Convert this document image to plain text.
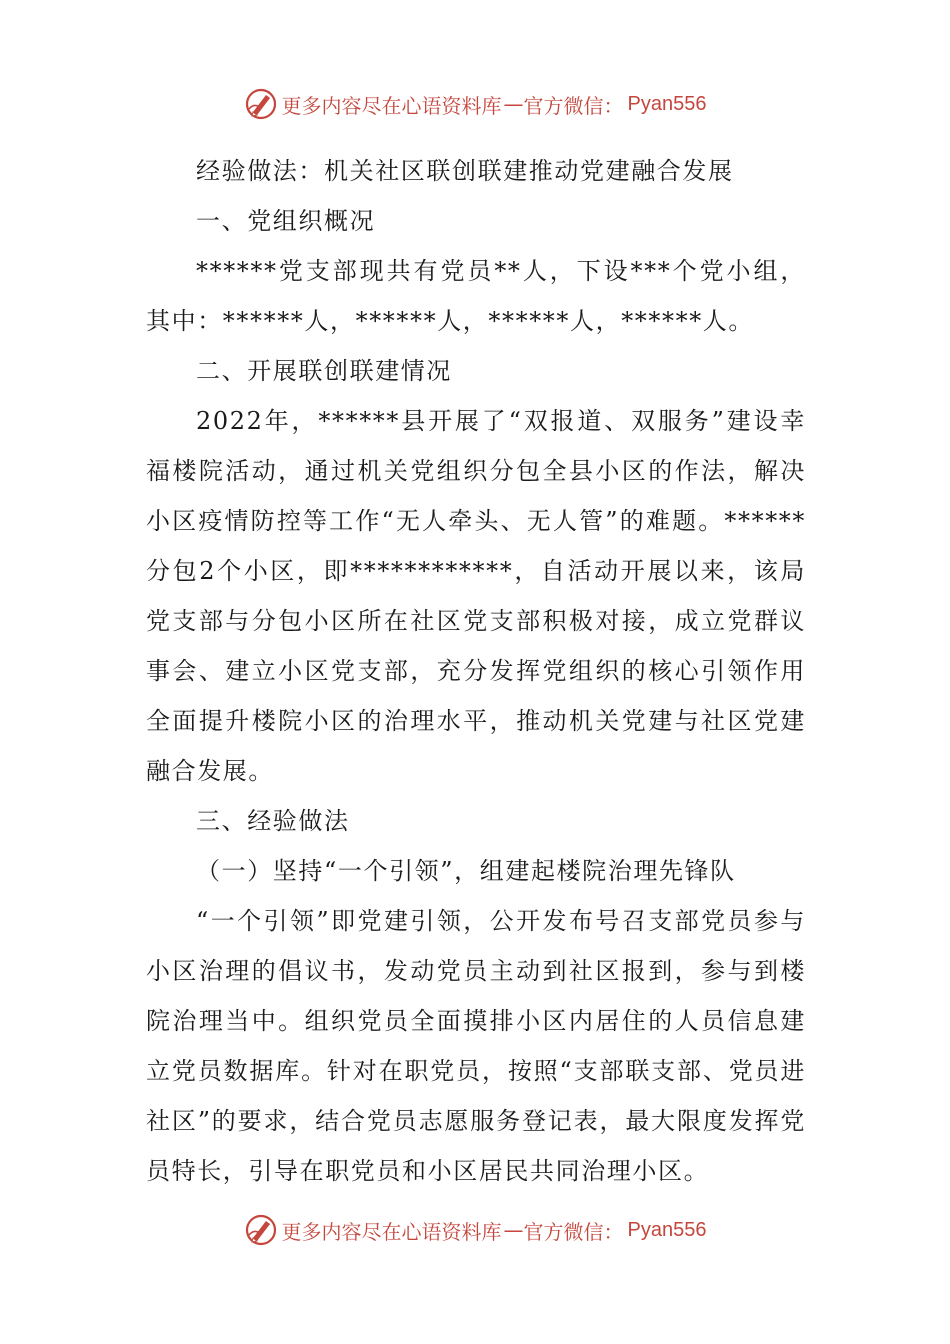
更多内容尽在心语资料库 — 官方微信： Pyan556

经验做法：机关社区联创联建推动党建融合发展

一、党组织概况

******党支部现共有党员**人，下设***个党小组，其中：******人，******人，******人，******人。

二、开展联创联建情况

2022年，******县开展了“双报道、双服务”建设幸福楼院活动，通过机关党组织分包全县小区的作法，解决小区疫情防控等工作“无人牵头、无人管”的难题。******分包2个小区，即************，自活动开展以来，该局党支部与分包小区所在社区党支部积极对接，成立党群议事会、建立小区党支部，充分发挥党组织的核心引领作用全面提升楼院小区的治理水平，推动机关党建与社区党建融合发展。

三、经验做法

（一）坚持“一个引领”，组建起楼院治理先锋队

“一个引领”即党建引领，公开发布号召支部党员参与小区治理的倡议书，发动党员主动到社区报到，参与到楼院治理当中。组织党员全面摸排小区内居住的人员信息建立党员数据库。针对在职党员，按照“支部联支部、党员进社区”的要求，结合党员志愿服务登记表，最大限度发挥党员特长，引导在职党员和小区居民共同治理小区。

更多内容尽在心语资料库 — 官方微信： Pyan556
